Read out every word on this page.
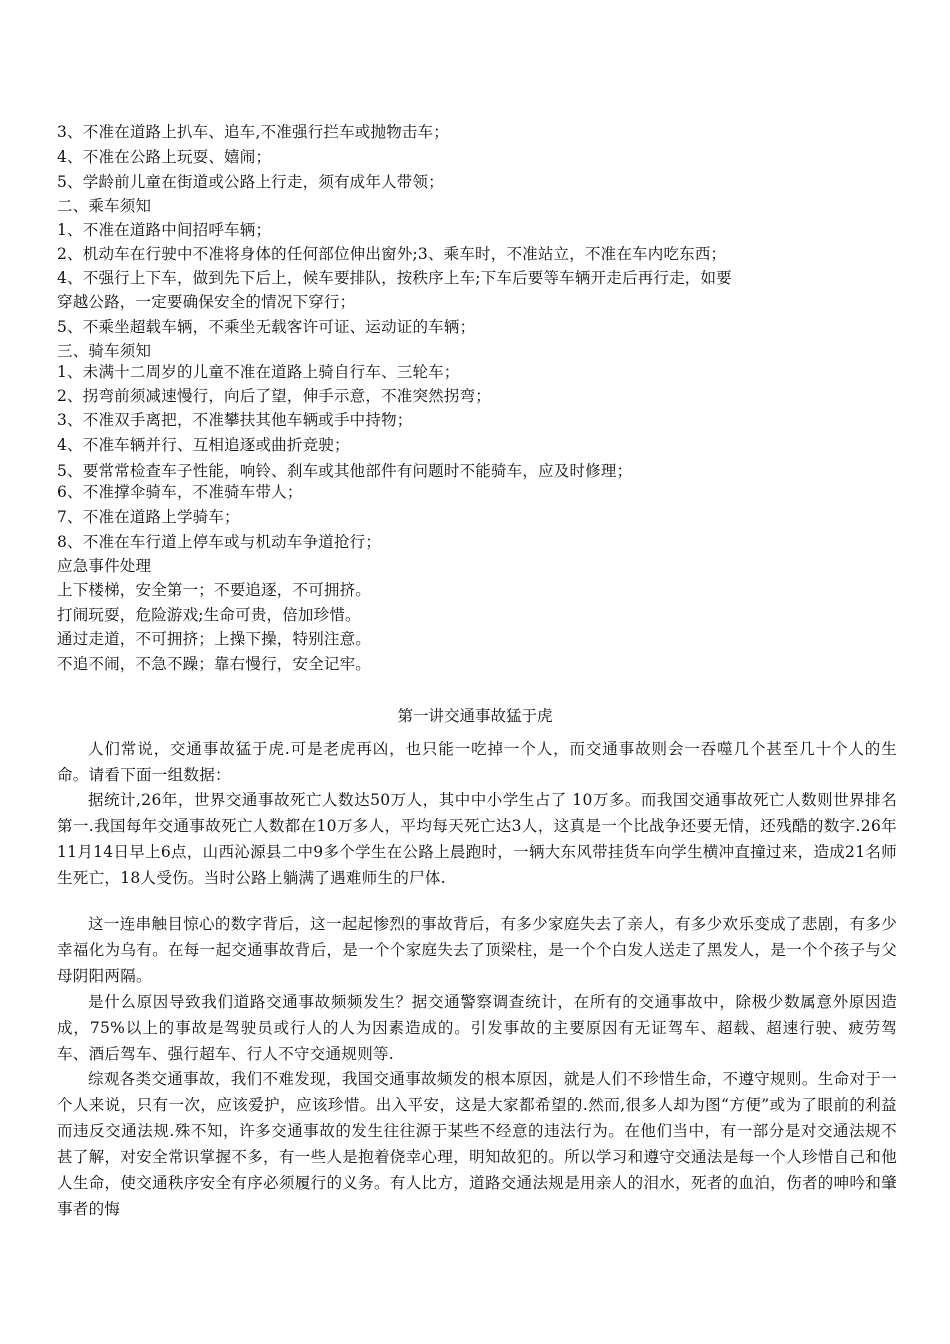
3、不准在道路上扒车、追车,不准强行拦车或抛物击车；
4、不准在公路上玩耍、嬉闹；
5、学龄前儿童在街道或公路上行走，须有成年人带领；
二、乘车须知
1、不准在道路中间招呼车辆；
2、机动车在行驶中不准将身体的任何部位伸出窗外;3、乘车时，不准站立，不准在车内吃东西；
4、不强行上下车，做到先下后上，候车要排队，按秩序上车;下车后要等车辆开走后再行走，如要
穿越公路，一定要确保安全的情况下穿行；
5、不乘坐超载车辆，不乘坐无载客许可证、运动证的车辆；
三、骑车须知
1、未满十二周岁的儿童不准在道路上骑自行车、三轮车；
2、拐弯前须减速慢行，向后了望，伸手示意，不准突然拐弯；
3、不准双手离把，不准攀扶其他车辆或手中持物；
4、不准车辆并行、互相追逐或曲折竞驶；
5、要常常检查车子性能，响铃、刹车或其他部件有问题时不能骑车，应及时修理；
6、不准撑伞骑车，不准骑车带人；
7、不准在道路上学骑车；
8、不准在车行道上停车或与机动车争道抢行；
应急事件处理
上下楼梯，安全第一；不要追逐，不可拥挤。
打闹玩耍，危险游戏;生命可贵，倍加珍惜。
通过走道，不可拥挤；上操下操，特别注意。
不追不闹，不急不躁；靠右慢行，安全记牢。
第一讲交通事故猛于虎
人们常说，交通事故猛于虎.可是老虎再凶，也只能一吃掉一个人，而交通事故则会一吞噬几个甚至几十个人的生命。请看下面一组数据：
据统计,26年，世界交通事故死亡人数达50万人，其中中小学生占了 10万多。而我国交通事故死亡人数则世界排名第一.我国每年交通事故死亡人数都在10万多人，平均每天死亡达3人，这真是一个比战争还要无情，还残酷的数字.26年11月14日早上6点，山西沁源县二中9多个学生在公路上晨跑时，一辆大东风带挂货车向学生横冲直撞过来，造成21名师生死亡，18人受伤。当时公路上躺满了遇难师生的尸体.
这一连串触目惊心的数字背后，这一起起惨烈的事故背后，有多少家庭失去了亲人，有多少欢乐变成了悲剧，有多少幸福化为乌有。在每一起交通事故背后，是一个个家庭失去了顶梁柱，是一个个白发人送走了黑发人，是一个个孩子与父母阴阳两隔。
是什么原因导致我们道路交通事故频频发生？据交通警察调查统计，在所有的交通事故中，除极少数属意外原因造成，75%以上的事故是驾驶员或行人的人为因素造成的。引发事故的主要原因有无证驾车、超载、超速行驶、疲劳驾车、酒后驾车、强行超车、行人不守交通规则等.
综观各类交通事故，我们不难发现，我国交通事故频发的根本原因，就是人们不珍惜生命，不遵守规则。生命对于一个人来说，只有一次，应该爱护，应该珍惜。出入平安，这是大家都希望的.然而,很多人却为图“方便”或为了眼前的利益而违反交通法规.殊不知，许多交通事故的发生往往源于某些不经意的违法行为。在他们当中，有一部分是对交通法规不甚了解，对安全常识掌握不多，有一些人是抱着侥幸心理，明知故犯的。所以学习和遵守交通法是每一个人珍惜自己和他人生命，使交通秩序安全有序必须履行的义务。有人比方，道路交通法规是用亲人的泪水，死者的血泊，伤者的呻吟和肇事者的悔
